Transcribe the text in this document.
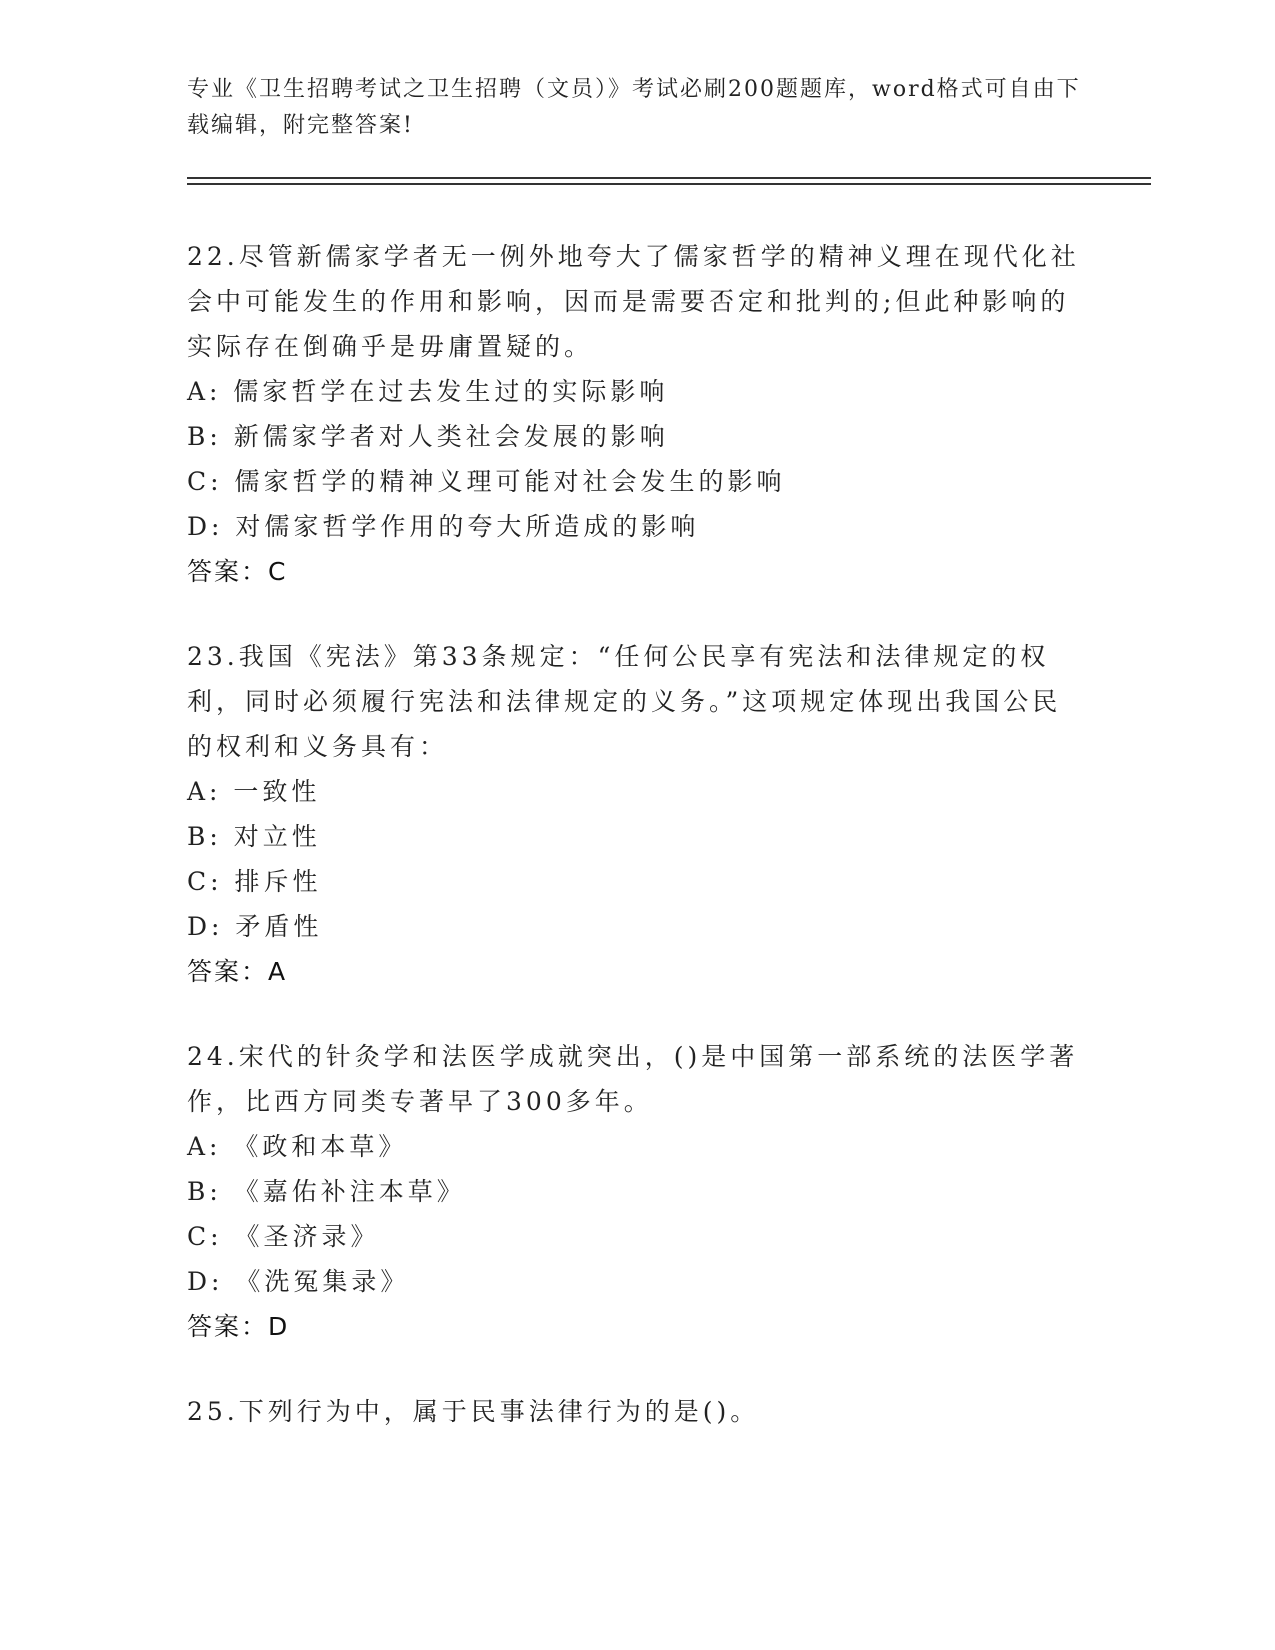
专业《卫生招聘考试之卫生招聘（文员）》考试必刷200题题库，word格式可自由下载编辑，附完整答案!

22.尽管新儒家学者无一例外地夸大了儒家哲学的精神义理在现代化社会中可能发生的作用和影响，因而是需要否定和批判的;但此种影响的实际存在倒确乎是毋庸置疑的。

A: 儒家哲学在过去发生过的实际影响

B: 新儒家学者对人类社会发展的影响

C: 儒家哲学的精神义理可能对社会发生的影响

D: 对儒家哲学作用的夸大所造成的影响

答案：C

23.我国《宪法》第33条规定：“任何公民享有宪法和法律规定的权利，同时必须履行宪法和法律规定的义务。”这项规定体现出我国公民的权利和义务具有：

A: 一致性

B: 对立性

C: 排斥性

D: 矛盾性

答案：A

24.宋代的针灸学和法医学成就突出，()是中国第一部系统的法医学著作，比西方同类专著早了300多年。

A: 《政和本草》

B: 《嘉佑补注本草》

C: 《圣济录》

D: 《洗冤集录》

答案：D

25.下列行为中，属于民事法律行为的是()。
